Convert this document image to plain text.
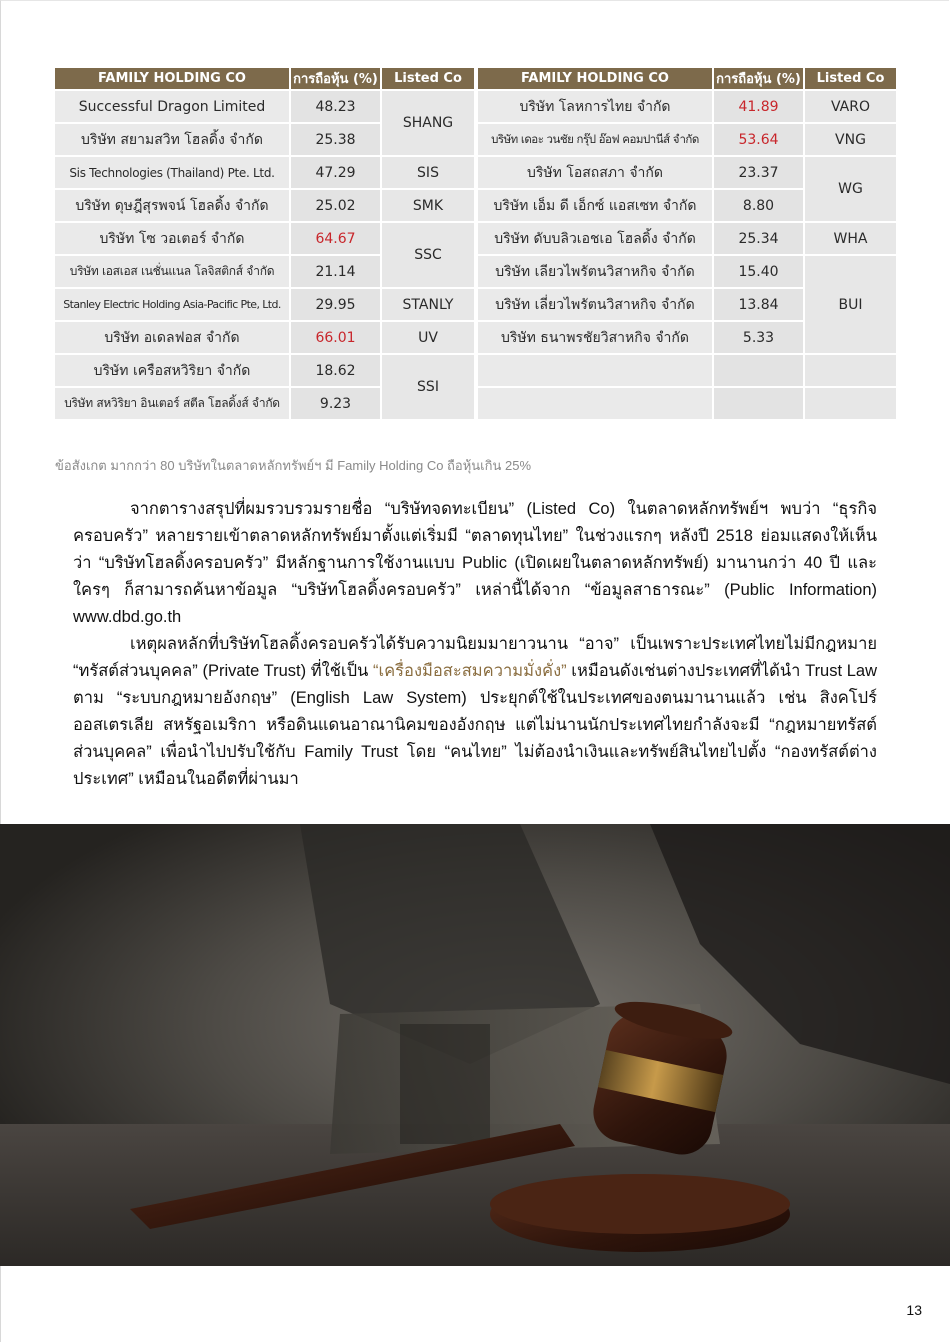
FAMILY HOLDING CO	การถือหุ้น (%)	Listed Co
Successful Dragon Limited	48.23	SHANG
บริษัท สยามสวิท โฮลดิ้ง จำกัด	25.38	
Sis Technologies (Thailand) Pte. Ltd.	47.29	SIS
บริษัท ดุษฎีสุรพจน์ โฮลดิ้ง จำกัด	25.02	SMK
บริษัท โซ วอเตอร์ จำกัด	64.67	SSC
บริษัท เอสเอส เนชั่นแนล โลจิสติกส์ จำกัด	21.14	
Stanley Electric Holding Asia-Pacific Pte, Ltd.	29.95	STANLY
บริษัท อเดลฟอส จำกัด	66.01	UV
บริษัท เครือสหวิริยา จำกัด	18.62	SSI
บริษัท สหวิริยา อินเตอร์ สตีล โฮลดิ้งส์ จำกัด	9.23	
FAMILY HOLDING CO	การถือหุ้น (%)	Listed Co
บริษัท โลหการไทย จำกัด	41.89	VARO
บริษัท เดอะ วนชัย กรุ๊ป อ๊อฟ คอมปานีส์ จำกัด	53.64	VNG
บริษัท โอสถสภา จำกัด	23.37	WG
บริษัท เอ็ม ดี เอ็กซ์ แอสเซท จำกัด	8.80	
บริษัท ดับบลิวเอชเอ โฮลดิ้ง จำกัด	25.34	WHA
บริษัท เลียวไพรัตนวิสาหกิจ จำกัด	15.40	BUI
บริษัท เลี่ยวไพรัตนวิสาหกิจ จำกัด	13.84	
บริษัท ธนาพรชัยวิสาหกิจ จำกัด	5.33	

ข้อสังเกต มากกว่า 80 บริษัทในตลาดหลักทรัพย์ฯ มี Family Holding Co ถือหุ้นเกิน 25%

จากตารางสรุปที่ผมรวบรวมรายชื่อ “บริษัทจดทะเบียน” (Listed Co) ในตลาดหลักทรัพย์ฯ พบว่า “ธุรกิจครอบครัว” หลายรายเข้าตลาดหลักทรัพย์มาตั้งแต่เริ่มมี “ตลาดทุนไทย” ในช่วงแรกๆ หลังปี 2518 ย่อมแสดงให้เห็นว่า “บริษัทโฮลดิ้งครอบครัว” มีหลักฐานการใช้งานแบบ Public (เปิดเผยในตลาดหลักทรัพย์) มานานกว่า 40 ปี และใครๆ ก็สามารถค้นหาข้อมูล “บริษัทโฮลดิ้งครอบครัว” เหล่านี้ได้จาก “ข้อมูลสาธารณะ” (Public Information) www.dbd.go.th

เหตุผลหลักที่บริษัทโฮลดิ้งครอบครัวได้รับความนิยมมายาวนาน “อาจ” เป็นเพราะประเทศไทยไม่มีกฎหมาย “ทรัสต์ส่วนบุคคล” (Private Trust) ที่ใช้เป็น “เครื่องมือสะสมความมั่งคั่ง” เหมือนดังเช่นต่างประเทศที่ได้นำ Trust Law ตาม “ระบบกฎหมายอังกฤษ” (English Law System) ประยุกต์ใช้ในประเทศของตนมานานแล้ว เช่น สิงคโปร์ ออสเตรเลีย สหรัฐอเมริกา หรือดินแดนอาณานิคมของอังกฤษ แต่ไม่นานนักประเทศไทยกำลังจะมี “กฎหมายทรัสต์ส่วนบุคคล” เพื่อนำไปปรับใช้กับ Family Trust โดย “คนไทย” ไม่ต้องนำเงินและทรัพย์สินไทยไปตั้ง “กองทรัสต์ต่างประเทศ” เหมือนในอดีตที่ผ่านมา

13
